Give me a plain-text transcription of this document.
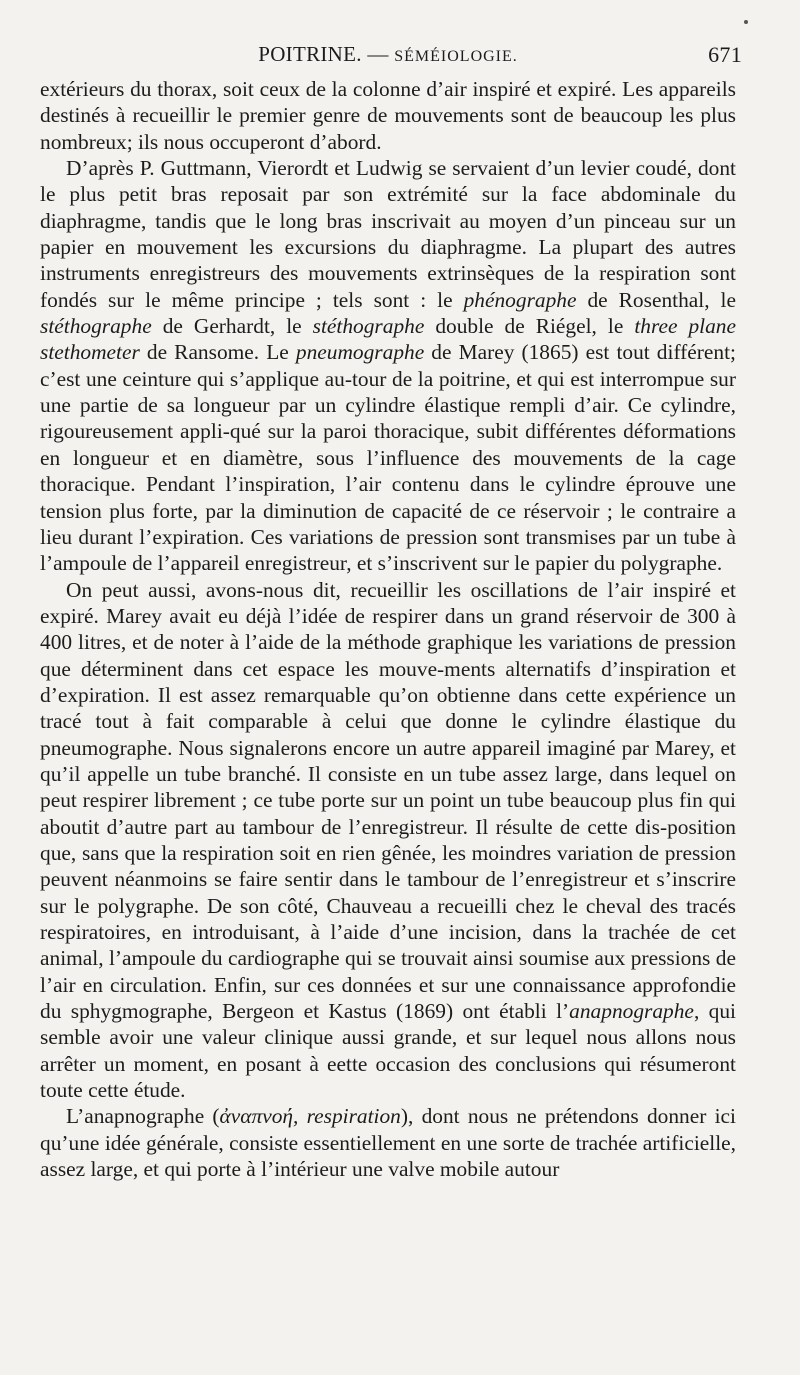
POITRINE. — SÉMÉIOLOGIE.	671

extérieurs du thorax, soit ceux de la colonne d’air inspiré et expiré. Les appareils destinés à recueillir le premier genre de mouvements sont de beaucoup les plus nombreux; ils nous occuperont d’abord.

D’après P. Guttmann, Vierordt et Ludwig se servaient d’un levier coudé, dont le plus petit bras reposait par son extrémité sur la face abdominale du diaphragme, tandis que le long bras inscrivait au moyen d’un pinceau sur un papier en mouvement les excursions du diaphragme. La plupart des autres instruments enregistreurs des mouvements extrinsèques de la respiration sont fondés sur le même principe ; tels sont : le phénographe de Rosenthal, le stéthographe de Gerhardt, le stéthographe double de Riégel, le three plane stethometer de Ransome. Le pneumographe de Marey (1865) est tout différent; c’est une ceinture qui s’applique au-tour de la poitrine, et qui est interrompue sur une partie de sa longueur par un cylindre élastique rempli d’air. Ce cylindre, rigoureusement appli-qué sur la paroi thoracique, subit différentes déformations en longueur et en diamètre, sous l’influence des mouvements de la cage thoracique. Pendant l’inspiration, l’air contenu dans le cylindre éprouve une tension plus forte, par la diminution de capacité de ce réservoir ; le contraire a lieu durant l’expiration. Ces variations de pression sont transmises par un tube à l’ampoule de l’appareil enregistreur, et s’inscrivent sur le papier du polygraphe.

On peut aussi, avons-nous dit, recueillir les oscillations de l’air inspiré et expiré. Marey avait eu déjà l’idée de respirer dans un grand réservoir de 300 à 400 litres, et de noter à l’aide de la méthode graphique les variations de pression que déterminent dans cet espace les mouve-ments alternatifs d’inspiration et d’expiration. Il est assez remarquable qu’on obtienne dans cette expérience un tracé tout à fait comparable à celui que donne le cylindre élastique du pneumographe. Nous signalerons encore un autre appareil imaginé par Marey, et qu’il appelle un tube branché. Il consiste en un tube assez large, dans lequel on peut respirer librement ; ce tube porte sur un point un tube beaucoup plus fin qui aboutit d’autre part au tambour de l’enregistreur. Il résulte de cette dis-position que, sans que la respiration soit en rien gênée, les moindres variation de pression peuvent néanmoins se faire sentir dans le tambour de l’enregistreur et s’inscrire sur le polygraphe. De son côté, Chauveau a recueilli chez le cheval des tracés respiratoires, en introduisant, à l’aide d’une incision, dans la trachée de cet animal, l’ampoule du cardiographe qui se trouvait ainsi soumise aux pressions de l’air en circulation. Enfin, sur ces données et sur une connaissance approfondie du sphygmographe, Bergeon et Kastus (1869) ont établi l’anapnographe, qui semble avoir une valeur clinique aussi grande, et sur lequel nous allons nous arrêter un moment, en posant à eette occasion des conclusions qui résumeront toute cette étude.

L’anapnographe (ἀναπνοή, respiration), dont nous ne prétendons donner ici qu’une idée générale, consiste essentiellement en une sorte de trachée artificielle, assez large, et qui porte à l’intérieur une valve mobile autour
